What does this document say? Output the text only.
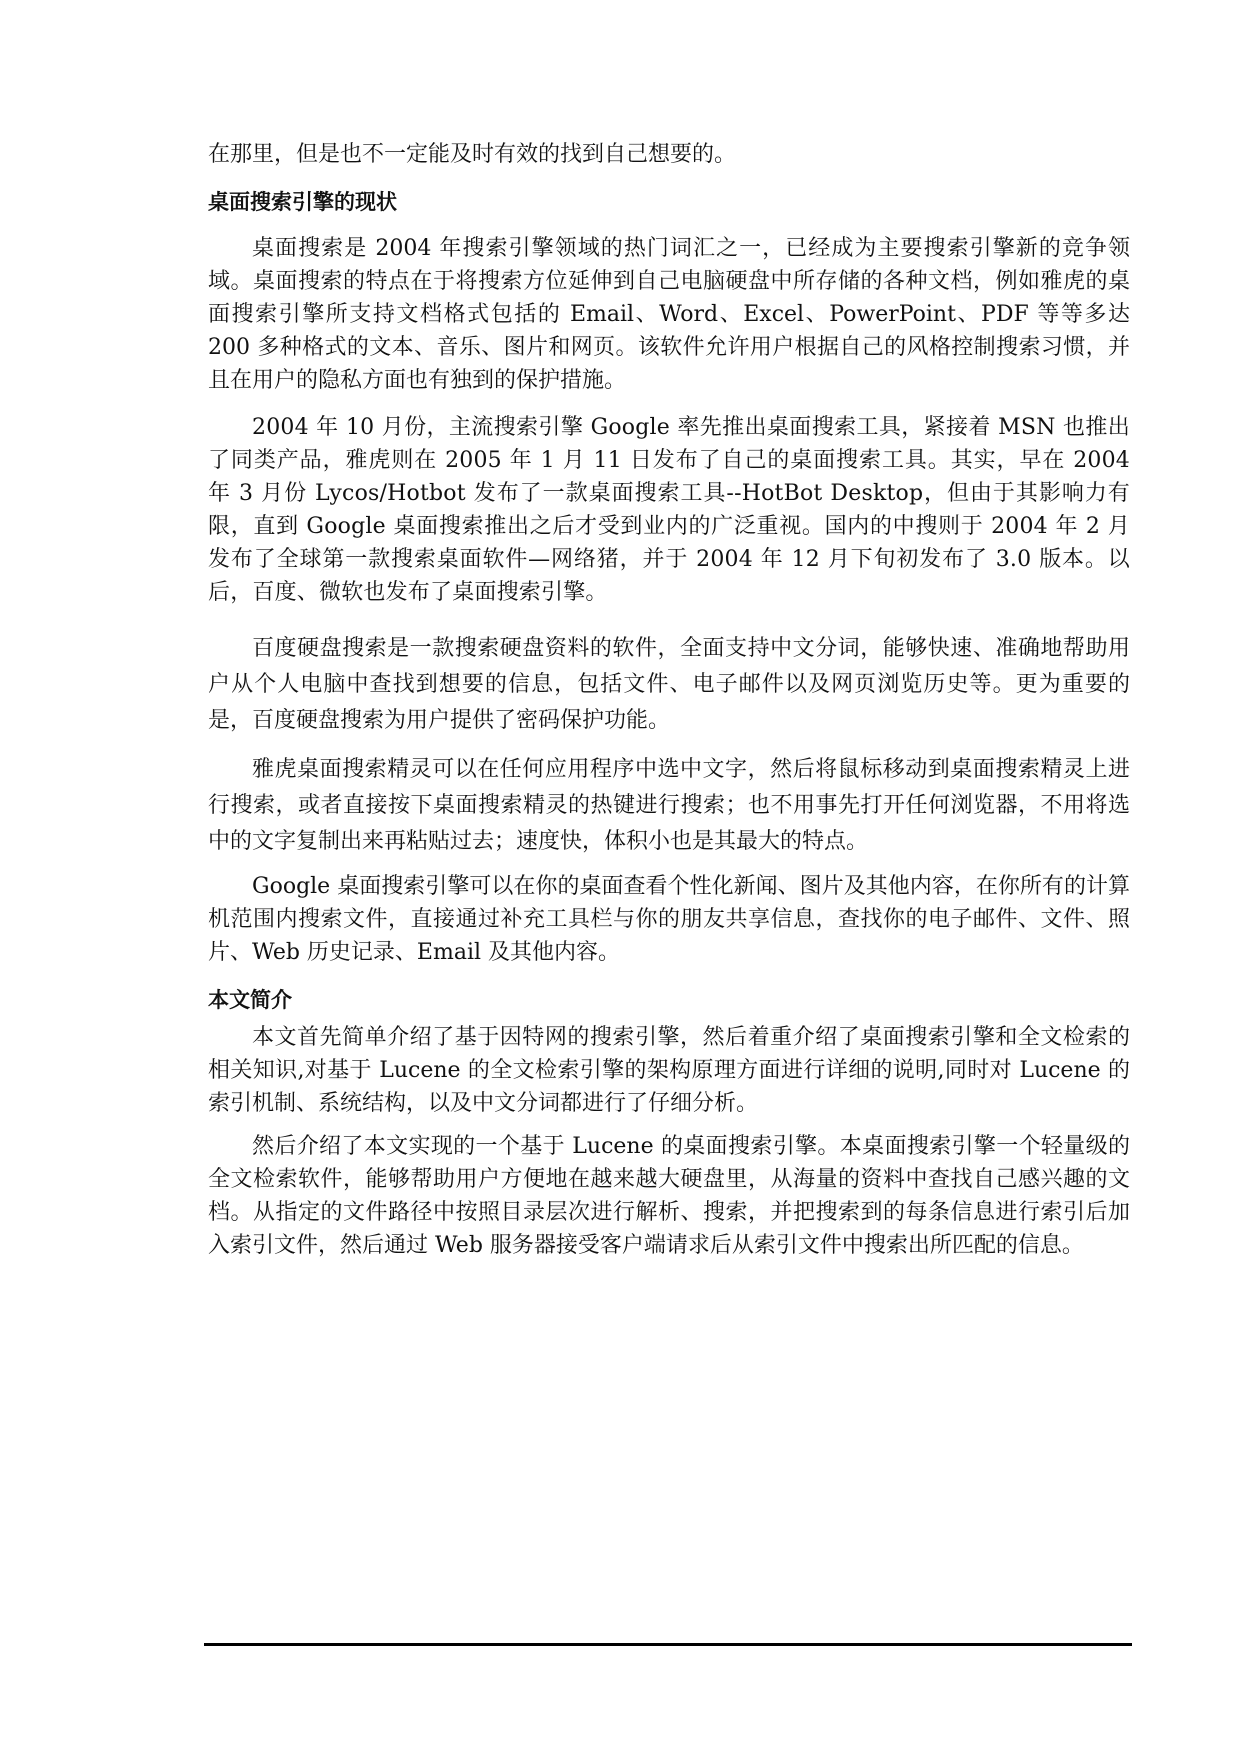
在那里，但是也不一定能及时有效的找到自己想要的。

桌面搜索引擎的现状

桌面搜索是 2004 年搜索引擎领域的热门词汇之一，已经成为主要搜索引擎新的竞争领域。桌面搜索的特点在于将搜索方位延伸到自己电脑硬盘中所存储的各种文档，例如雅虎的桌面搜索引擎所支持文档格式包括的 Email、Word、Excel、PowerPoint、PDF 等等多达 200 多种格式的文本、音乐、图片和网页。该软件允许用户根据自己的风格控制搜索习惯，并且在用户的隐私方面也有独到的保护措施。

2004 年 10 月份，主流搜索引擎 Google 率先推出桌面搜索工具，紧接着 MSN 也推出了同类产品，雅虎则在 2005 年 1 月 11 日发布了自己的桌面搜索工具。其实，早在 2004 年 3 月份 Lycos/Hotbot 发布了一款桌面搜索工具--HotBot Desktop，但由于其影响力有限，直到 Google 桌面搜索推出之后才受到业内的广泛重视。国内的中搜则于 2004 年 2 月发布了全球第一款搜索桌面软件—网络猪，并于 2004 年 12 月下旬初发布了 3.0 版本。以后，百度、微软也发布了桌面搜索引擎。

百度硬盘搜索是一款搜索硬盘资料的软件，全面支持中文分词，能够快速、准确地帮助用户从个人电脑中查找到想要的信息，包括文件、电子邮件以及网页浏览历史等。更为重要的是，百度硬盘搜索为用户提供了密码保护功能。

雅虎桌面搜索精灵可以在任何应用程序中选中文字，然后将鼠标移动到桌面搜索精灵上进行搜索，或者直接按下桌面搜索精灵的热键进行搜索；也不用事先打开任何浏览器，不用将选中的文字复制出来再粘贴过去；速度快，体积小也是其最大的特点。

Google 桌面搜索引擎可以在你的桌面查看个性化新闻、图片及其他内容，在你所有的计算机范围内搜索文件，直接通过补充工具栏与你的朋友共享信息，查找你的电子邮件、文件、照片、Web 历史记录、Email 及其他内容。

本文简介

本文首先简单介绍了基于因特网的搜索引擎，然后着重介绍了桌面搜索引擎和全文检索的相关知识,对基于 Lucene 的全文检索引擎的架构原理方面进行详细的说明,同时对 Lucene 的索引机制、系统结构，以及中文分词都进行了仔细分析。

然后介绍了本文实现的一个基于 Lucene 的桌面搜索引擎。本桌面搜索引擎一个轻量级的全文检索软件，能够帮助用户方便地在越来越大硬盘里，从海量的资料中查找自己感兴趣的文档。从指定的文件路径中按照目录层次进行解析、搜索，并把搜索到的每条信息进行索引后加入索引文件，然后通过 Web 服务器接受客户端请求后从索引文件中搜索出所匹配的信息。
